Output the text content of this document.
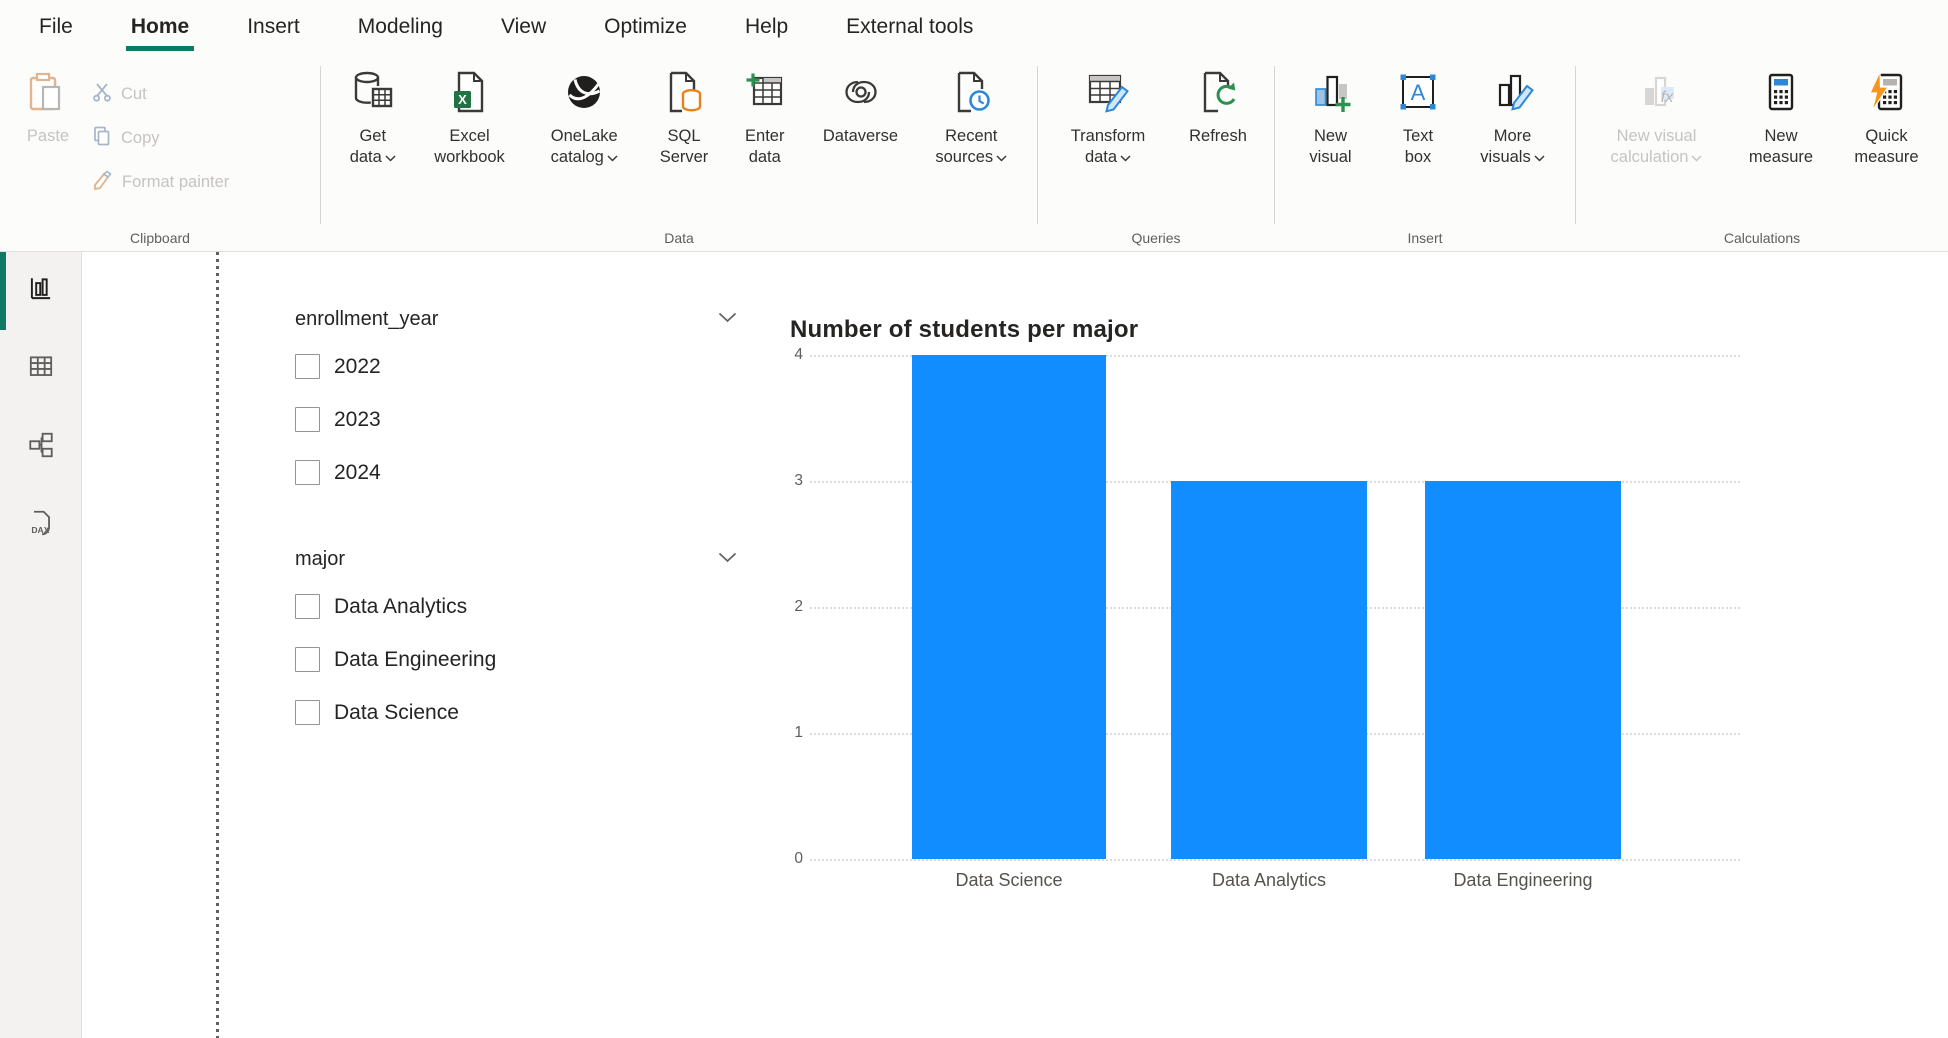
File	Home	Insert	Modeling	View	Optimize	Help	External tools
Paste
Cut
Copy
Format painter
Clipboard
Get data
X
Excel workbook
OneLake catalog
SQL Server
Enter data
Dataverse	Recent sources
Data
Transform data
Refresh
Queries
New visual
A
Text box
More visuals
Insert
fx
New visual calculation
New measure
Quick measure
Calculations
DAX
enrollment_year
2022
2023
2024
major
Data Analytics
Data Engineering
Data Science
Number of students per major
0
1
2
3
4
Data Science	Data Analytics	Data Engineering
